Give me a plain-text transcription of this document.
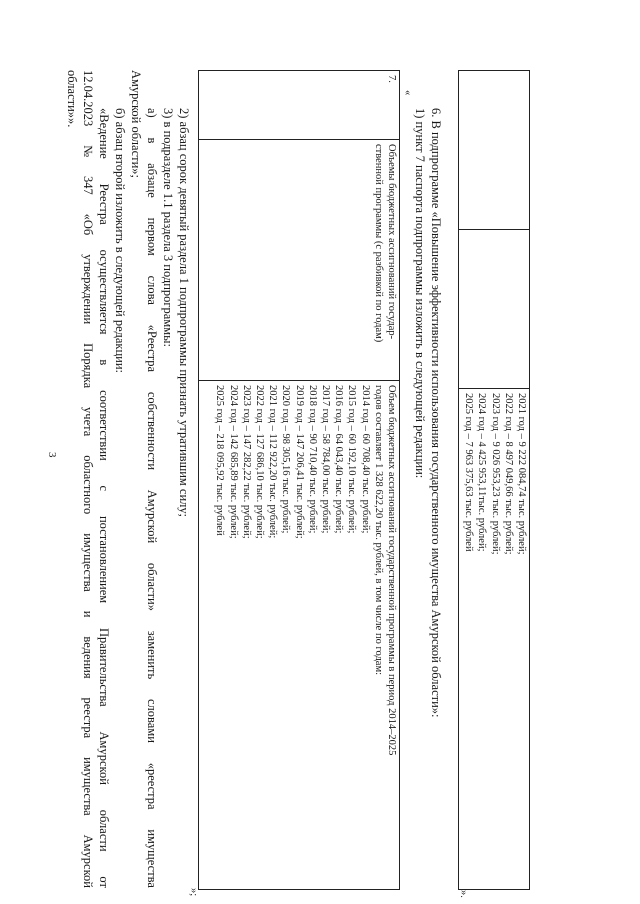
3
			2021 год – 9 222 084,74 тыс. рублей;
2022 год – 8 497 049,66 тыс. рублей;
2023 год – 9 026 953,23 тыс. рублей;
2024 год – 4 425 953,11тыс. рублей;
2025 год – 7 963 375,63 тыс. рублей
».
6. В подпрограмме «Повышение эффективности использования государственного имущества Амурской области»:
1) пункт 7 паспорта подпрограммы изложить в следующей редакции:
«
7.	
Объемы бюджетных ассигнований государ-
ственной программы (с разбивкой по годам)

Объем бюджетных ассигнований государственной программы в период 2014–2025
годов составляет 1 328 622,20 тыс. рублей, в том числе по годам:
2014 год – 60 708,40 тыс. рублей;
2015 год – 60 192,10 тыс. рублей;
2016 год – 64 043,40 тыс. рублей;
2017 год – 58 784,00 тыс. рублей;
2018 год – 90 710,40 тыс. рублей;
2019 год – 147 206,41 тыс. рублей;
2020 год – 98 305,16 тыс. рублей;
2021 год – 112 922,20 тыс. рублей;
2022 год – 127 686,10 тыс. рублей;
2023 год – 147 282,22 тыс. рублей;
2024 год – 142 685,89 тыс. рублей;
2025 год – 218 095,92 тыс. рублей
»;
2) абзац сорок девятый раздела 1 подпрограммы признать утратившим силу;
3) в подразделе 1.1 раздела 3 подпрограммы:
а)
в
абзаце
первом
слова
«Реестра
собственности
Амурской
области»
заменить
словами
«реестра
имущества
Амурской области»;
б) абзац второй изложить в следующей редакции:
«Ведение
Реестра
осуществляется
в
соответствии
с
постановлением
Правительства
Амурской
области
от
12.04.2023
№
347
«Об
утверждении
Порядка
учета
областного
имущества
и
ведения
реестра
имущества
Амурской
области»».
